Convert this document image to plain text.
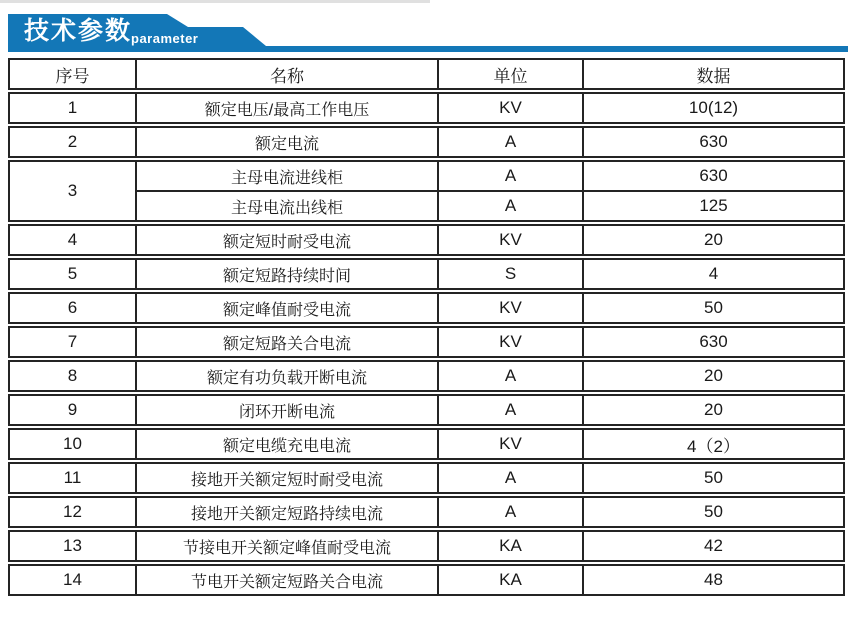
技术参数
parameter
序号	名称	单位	数据
1	额定电压/最高工作电压	KV	10(12)
2	额定电流	A	630
3	主母电流进线柜	A	630
	主母电流出线柜	A	125
4	额定短时耐受电流	KV	20
5	额定短路持续时间	S	4
6	额定峰值耐受电流	KV	50
7	额定短路关合电流	KV	630
8	额定有功负载开断电流	A	20
9	闭环开断电流	A	20
10	额定电缆充电电流	KV	4（2）
11	接地开关额定短时耐受电流	A	50
12	接地开关额定短路持续电流	A	50
13	节接电开关额定峰值耐受电流	KA	42
14	节电开关额定短路关合电流	KA	48
